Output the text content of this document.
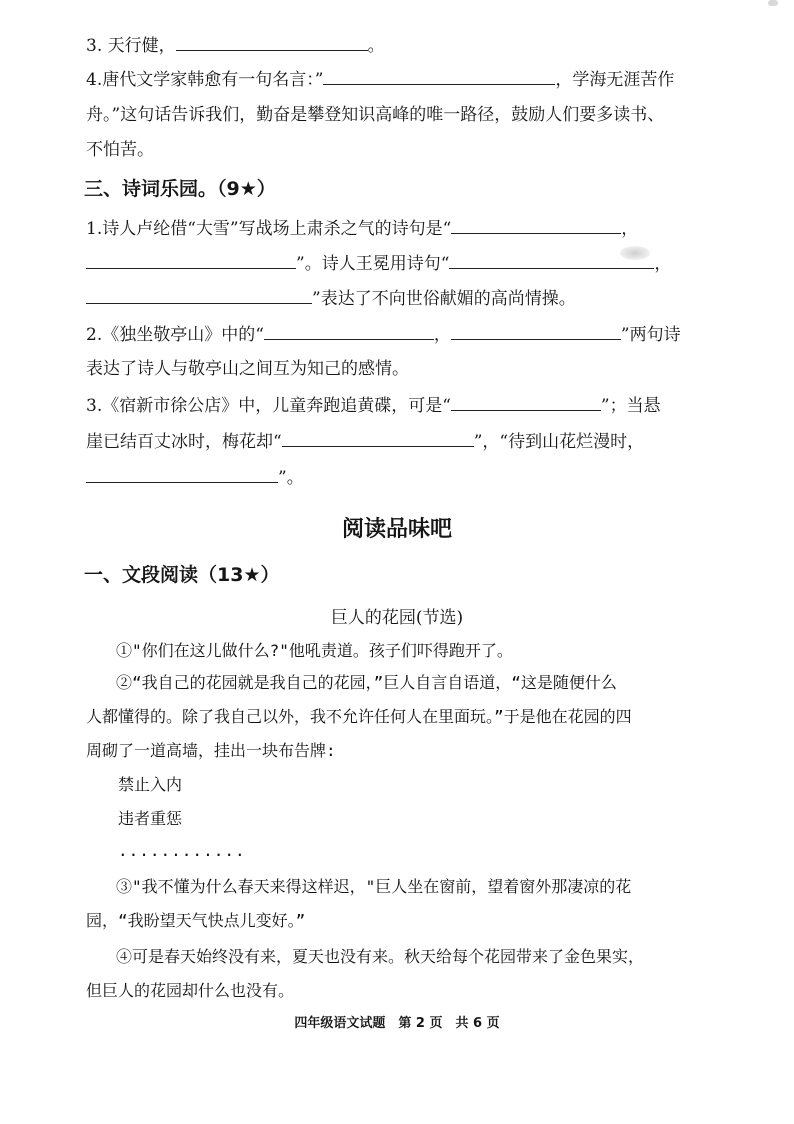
3. 天行健，	。
4.唐代文学家韩愈有一句名言：”	，学海无涯苦作
舟。”这句话告诉我们，勤奋是攀登知识高峰的唯一路径，鼓励人们要多读书、
不怕苦。
三、诗词乐园。（9★）
1.诗人卢纶借“大雪”写战场上肃杀之气的诗句是“	，
”。诗人王冕用诗句“	，
”表达了不向世俗献媚的高尚情操。
2.《独坐敬亭山》中的“	，	”两句诗
表达了诗人与敬亭山之间互为知己的感情。
3.《宿新市徐公店》中，儿童奔跑追黄碟，可是“	”；当悬
崖已结百丈冰时，梅花却“	”，“待到山花烂漫时，
”。
阅读品味吧
一、文段阅读（13★）
巨人的花园(节选)
①"你们在这儿做什么?"他吼责道。孩子们吓得跑开了。
②“我自己的花园就是我自己的花园，”巨人自言自语道，“这是随便什么
人都懂得的。除了我自己以外，我不允许任何人在里面玩。”于是他在花园的四
周砌了一道高墙，挂出一块布告牌:
禁止入内
违者重惩
............
③"我不懂为什么春天来得这样迟，"巨人坐在窗前，望着窗外那凄凉的花
园，“我盼望天气快点儿变好。”
④可是春天始终没有来，夏天也没有来。秋天给每个花园带来了金色果实，
但巨人的花园却什么也没有。
四年级语文试题　第 2 页　共 6 页
